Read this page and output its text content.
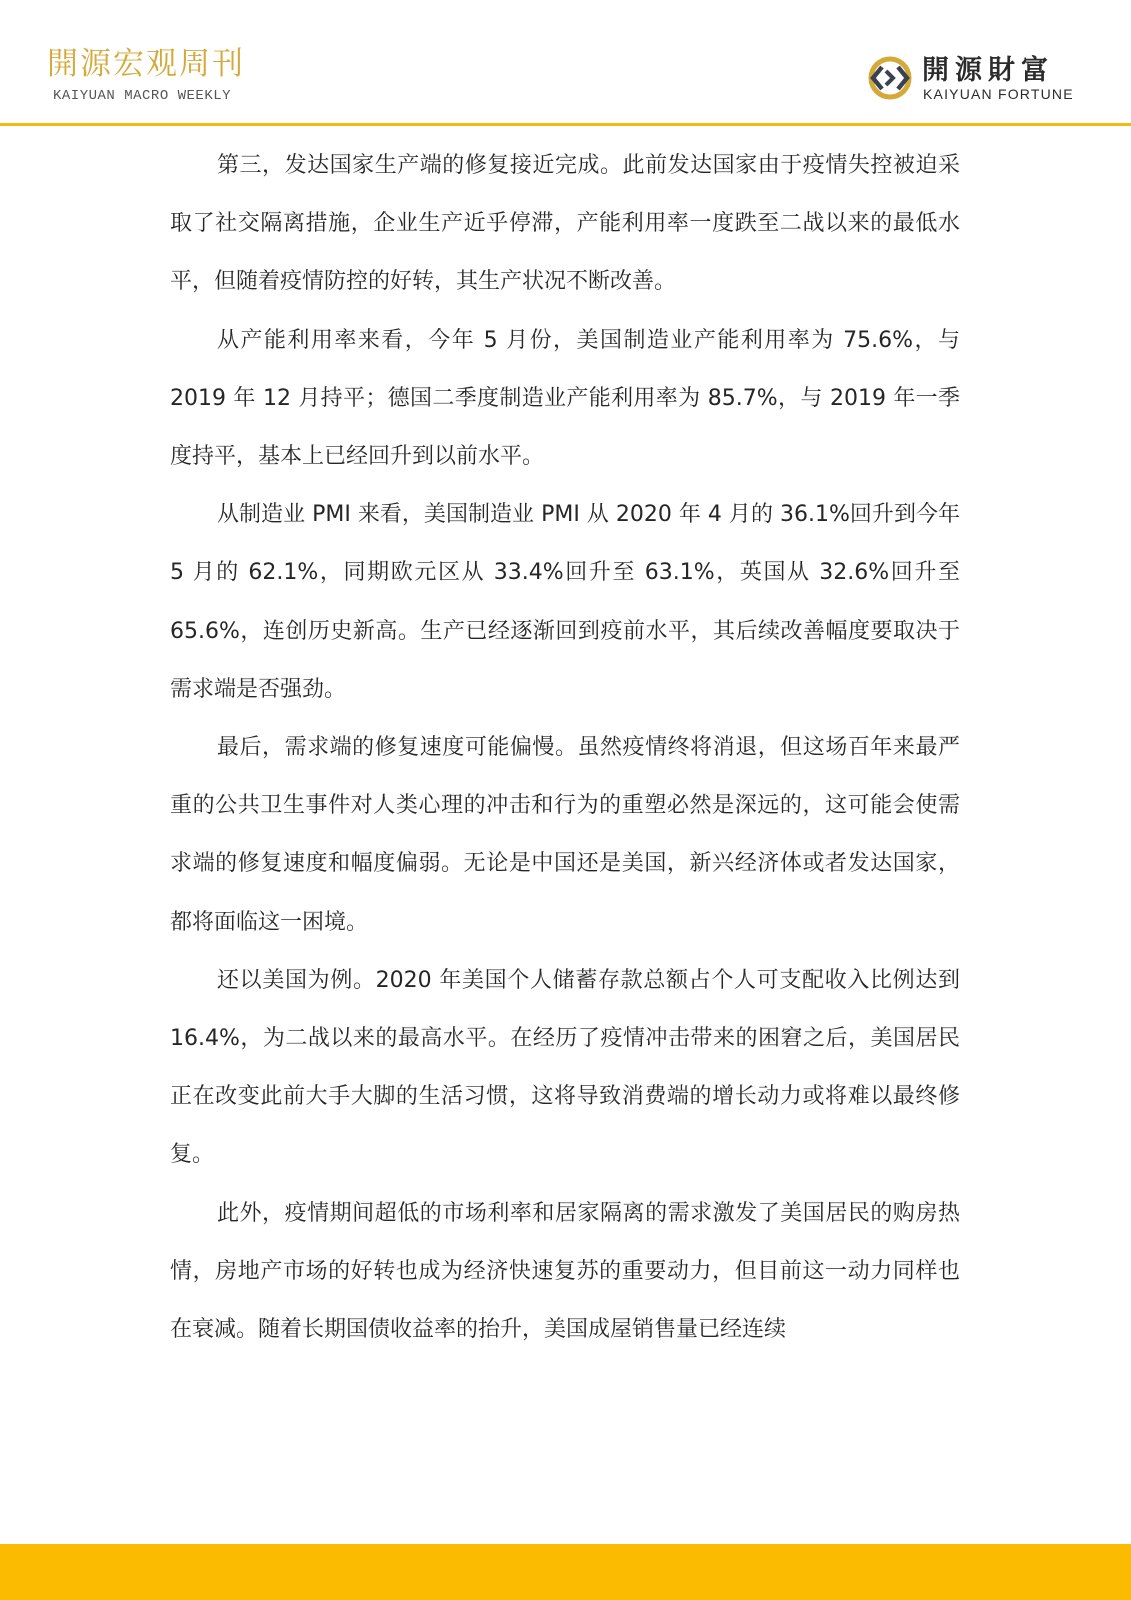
開源宏观周刊
KAIYUAN MACRO WEEKLY
開源財富
KAIYUAN FORTUNE

第三，发达国家生产端的修复接近完成。此前发达国家由于疫情失控被迫采取了社交隔离措施，企业生产近乎停滞，产能利用率一度跌至二战以来的最低水平，但随着疫情防控的好转，其生产状况不断改善。

从产能利用率来看，今年 5 月份，美国制造业产能利用率为 75.6%，与 2019 年 12 月持平；德国二季度制造业产能利用率为 85.7%，与 2019 年一季度持平，基本上已经回升到以前水平。

从制造业 PMI 来看，美国制造业 PMI 从 2020 年 4 月的 36.1%回升到今年 5 月的 62.1%，同期欧元区从 33.4%回升至 63.1%，英国从 32.6%回升至 65.6%，连创历史新高。生产已经逐渐回到疫前水平，其后续改善幅度要取决于需求端是否强劲。

最后，需求端的修复速度可能偏慢。虽然疫情终将消退，但这场百年来最严重的公共卫生事件对人类心理的冲击和行为的重塑必然是深远的，这可能会使需求端的修复速度和幅度偏弱。无论是中国还是美国，新兴经济体或者发达国家，都将面临这一困境。

还以美国为例。2020 年美国个人储蓄存款总额占个人可支配收入比例达到 16.4%，为二战以来的最高水平。在经历了疫情冲击带来的困窘之后，美国居民正在改变此前大手大脚的生活习惯，这将导致消费端的增长动力或将难以最终修复。

此外，疫情期间超低的市场利率和居家隔离的需求激发了美国居民的购房热情，房地产市场的好转也成为经济快速复苏的重要动力，但目前这一动力同样也在衰减。随着长期国债收益率的抬升，美国成屋销售量已经连续
